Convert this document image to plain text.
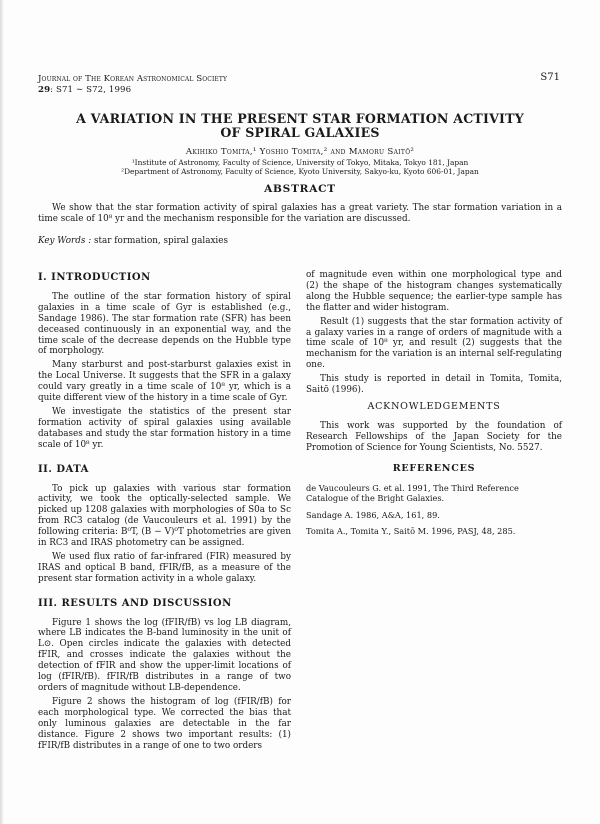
Journal of The Korean Astronomical Society
29: S71 ∼ S72, 1996
S71
A VARIATION IN THE PRESENT STAR FORMATION ACTIVITY
OF SPIRAL GALAXIES
Akihiko Tomita,¹ Yoshio Tomita,² and Mamoru Saitō²
¹Institute of Astronomy, Faculty of Science, University of Tokyo, Mitaka, Tokyo 181, Japan
²Department of Astronomy, Faculty of Science, Kyoto University, Sakyo-ku, Kyoto 606-01, Japan
ABSTRACT
We show that the star formation activity of spiral galaxies has a great variety. The star formation variation in a time scale of 10⁸ yr and the mechanism responsible for the variation are discussed.
Key Words : star formation, spiral galaxies
I. INTRODUCTION

The outline of the star formation history of spiral galaxies in a time scale of Gyr is established (e.g., Sandage 1986). The star formation rate (SFR) has been deceased continuously in an exponential way, and the time scale of the decrease depends on the Hubble type of morphology.

Many starburst and post-starburst galaxies exist in the Local Universe. It suggests that the SFR in a galaxy could vary greatly in a time scale of 10⁸ yr, which is a quite different view of the history in a time scale of Gyr.

We investigate the statistics of the present star formation activity of spiral galaxies using available databases and study the star formation history in a time scale of 10⁸ yr.

II. DATA

To pick up galaxies with various star formation activity, we took the optically-selected sample. We picked up 1208 galaxies with morphologies of S0a to Sc from RC3 catalog (de Vaucouleurs et al. 1991) by the following criteria: B⁰T, (B − V)⁰T photometries are given in RC3 and IRAS photometry can be assigned.

We used flux ratio of far-infrared (FIR) measured by IRAS and optical B band, fFIR/fB, as a measure of the present star formation activity in a whole galaxy.

III. RESULTS AND DISCUSSION

Figure 1 shows the log (fFIR/fB) vs log LB diagram, where LB indicates the B-band luminosity in the unit of L⊙. Open circles indicate the galaxies with detected fFIR, and crosses indicate the galaxies without the detection of fFIR and show the upper-limit locations of log (fFIR/fB). fFIR/fB distributes in a range of two orders of magnitude without LB-dependence.

Figure 2 shows the histogram of log (fFIR/fB) for each morphological type. We corrected the bias that only luminous galaxies are detectable in the far distance. Figure 2 shows two important results: (1) fFIR/fB distributes in a range of one to two orders

of magnitude even within one morphological type and (2) the shape of the histogram changes systematically along the Hubble sequence; the earlier-type sample has the flatter and wider histogram.

Result (1) suggests that the star formation activity of a galaxy varies in a range of orders of magnitude with a time scale of 10⁸ yr, and result (2) suggests that the mechanism for the variation is an internal self-regulating one.

This study is reported in detail in Tomita, Tomita, Saitō (1996).

ACKNOWLEDGEMENTS

This work was supported by the foundation of Research Fellowships of the Japan Society for the Promotion of Science for Young Scientists, No. 5527.

REFERENCES
de Vaucouleurs G. et al. 1991, The Third Reference Catalogue of the Bright Galaxies.
Sandage A. 1986, A&A, 161, 89.
Tomita A., Tomita Y., Saitō M. 1996, PASJ, 48, 285.
